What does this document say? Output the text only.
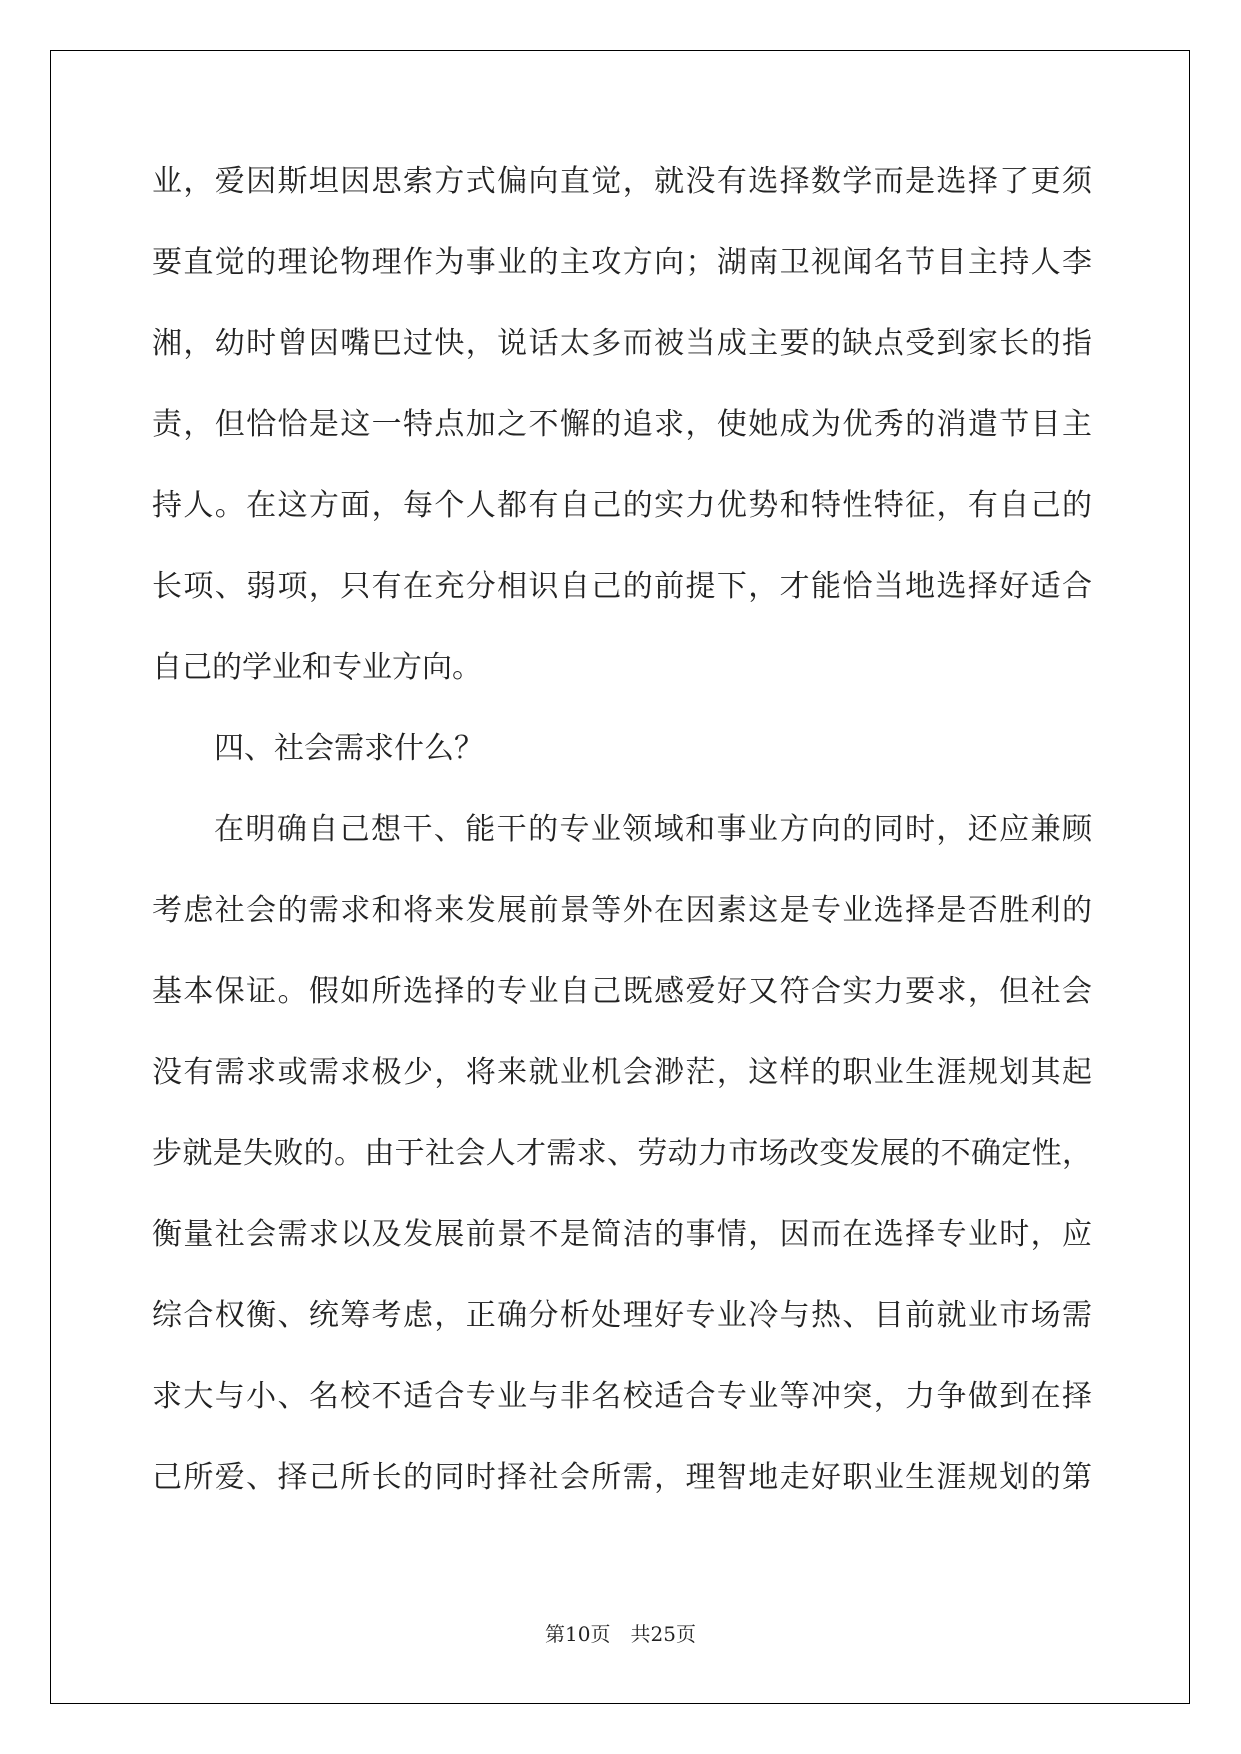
业，爱因斯坦因思索方式偏向直觉，就没有选择数学而是选择了更须
要直觉的理论物理作为事业的主攻方向；湖南卫视闻名节目主持人李
湘，幼时曾因嘴巴过快，说话太多而被当成主要的缺点受到家长的指
责，但恰恰是这一特点加之不懈的追求，使她成为优秀的消遣节目主
持人。在这方面，每个人都有自己的实力优势和特性特征，有自己的
长项、弱项，只有在充分相识自己的前提下，才能恰当地选择好适合
自己的学业和专业方向。
四、社会需求什么？
在明确自己想干、能干的专业领域和事业方向的同时，还应兼顾
考虑社会的需求和将来发展前景等外在因素这是专业选择是否胜利的
基本保证。假如所选择的专业自己既感爱好又符合实力要求，但社会
没有需求或需求极少，将来就业机会渺茫，这样的职业生涯规划其起
步就是失败的。由于社会人才需求、劳动力市场改变发展的不确定性，
衡量社会需求以及发展前景不是简洁的事情，因而在选择专业时，应
综合权衡、统筹考虑，正确分析处理好专业冷与热、目前就业市场需
求大与小、名校不适合专业与非名校适合专业等冲突，力争做到在择
己所爱、择己所长的同时择社会所需，理智地走好职业生涯规划的第
第10页 共25页
